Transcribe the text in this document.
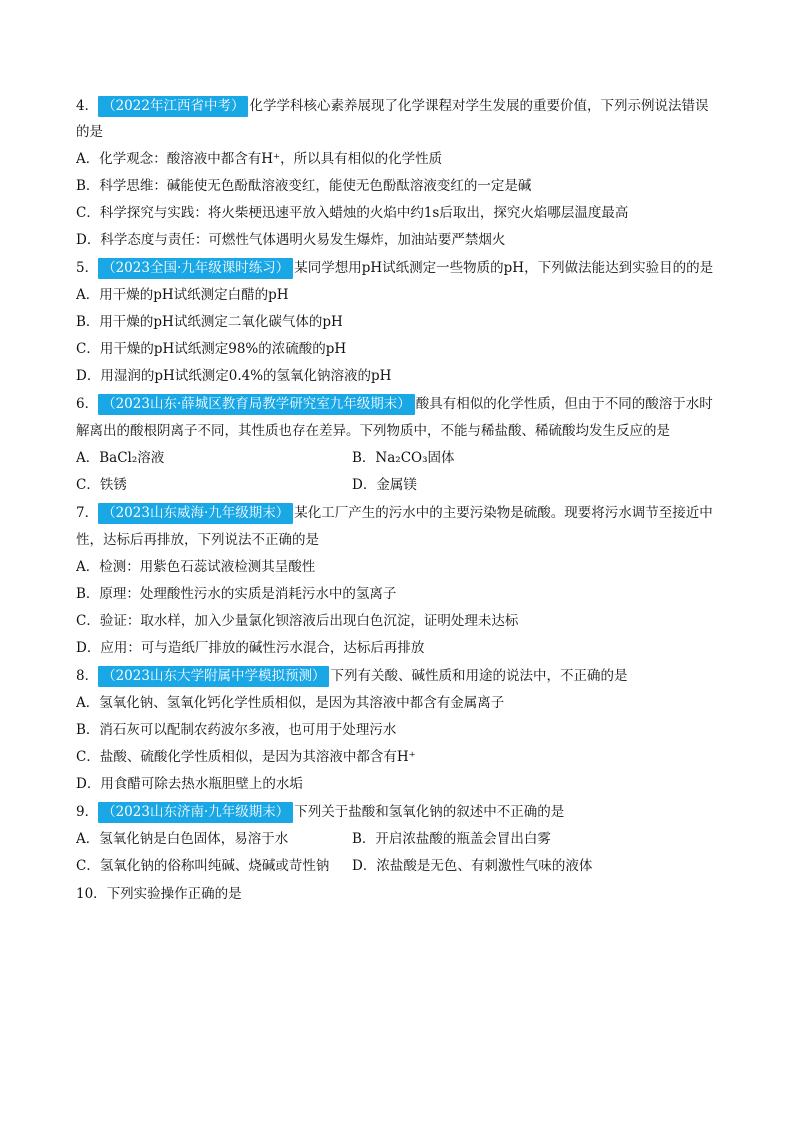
4． （2022年江西省中考） 化学学科核心素养展现了化学课程对学生发展的重要价值，下列示例说法错误
的是
A．化学观念：酸溶液中都含有H⁺，所以具有相似的化学性质
B．科学思维：碱能使无色酚酞溶液变红，能使无色酚酞溶液变红的一定是碱
C．科学探究与实践：将火柴梗迅速平放入蜡烛的火焰中约1s后取出，探究火焰哪层温度最高
D．科学态度与责任：可燃性气体遇明火易发生爆炸，加油站要严禁烟火
5． （2023全国·九年级课时练习） 某同学想用pH试纸测定一些物质的pH，下列做法能达到实验目的的是
A．用干燥的pH试纸测定白醋的pH
B．用干燥的pH试纸测定二氧化碳气体的pH
C．用干燥的pH试纸测定98%的浓硫酸的pH
D．用湿润的pH试纸测定0.4%的氢氧化钠溶液的pH
6． （2023山东·薛城区教育局教学研究室九年级期末） 酸具有相似的化学性质，但由于不同的酸溶于水时
解离出的酸根阴离子不同，其性质也存在差异。下列物质中，不能与稀盐酸、稀硫酸均发生反应的是
A．BaCl₂溶液	B．Na₂CO₃固体
C．铁锈	D．金属镁
7． （2023山东威海·九年级期末） 某化工厂产生的污水中的主要污染物是硫酸。现要将污水调节至接近中
性，达标后再排放，下列说法不正确的是
A．检测：用紫色石蕊试液检测其呈酸性
B．原理：处理酸性污水的实质是消耗污水中的氢离子
C．验证：取水样，加入少量氯化钡溶液后出现白色沉淀，证明处理未达标
D．应用：可与造纸厂排放的碱性污水混合，达标后再排放
8． （2023山东大学附属中学模拟预测） 下列有关酸、碱性质和用途的说法中，不正确的是
A．氢氧化钠、氢氧化钙化学性质相似，是因为其溶液中都含有金属离子
B．消石灰可以配制农药波尔多液，也可用于处理污水
C．盐酸、硫酸化学性质相似，是因为其溶液中都含有H⁺
D．用食醋可除去热水瓶胆壁上的水垢
9． （2023山东济南·九年级期末） 下列关于盐酸和氢氧化钠的叙述中不正确的是
A．氢氧化钠是白色固体，易溶于水	B．开启浓盐酸的瓶盖会冒出白雾
C．氢氧化钠的俗称叫纯碱、烧碱或苛性钠	D．浓盐酸是无色、有刺激性气味的液体
10．下列实验操作正确的是
